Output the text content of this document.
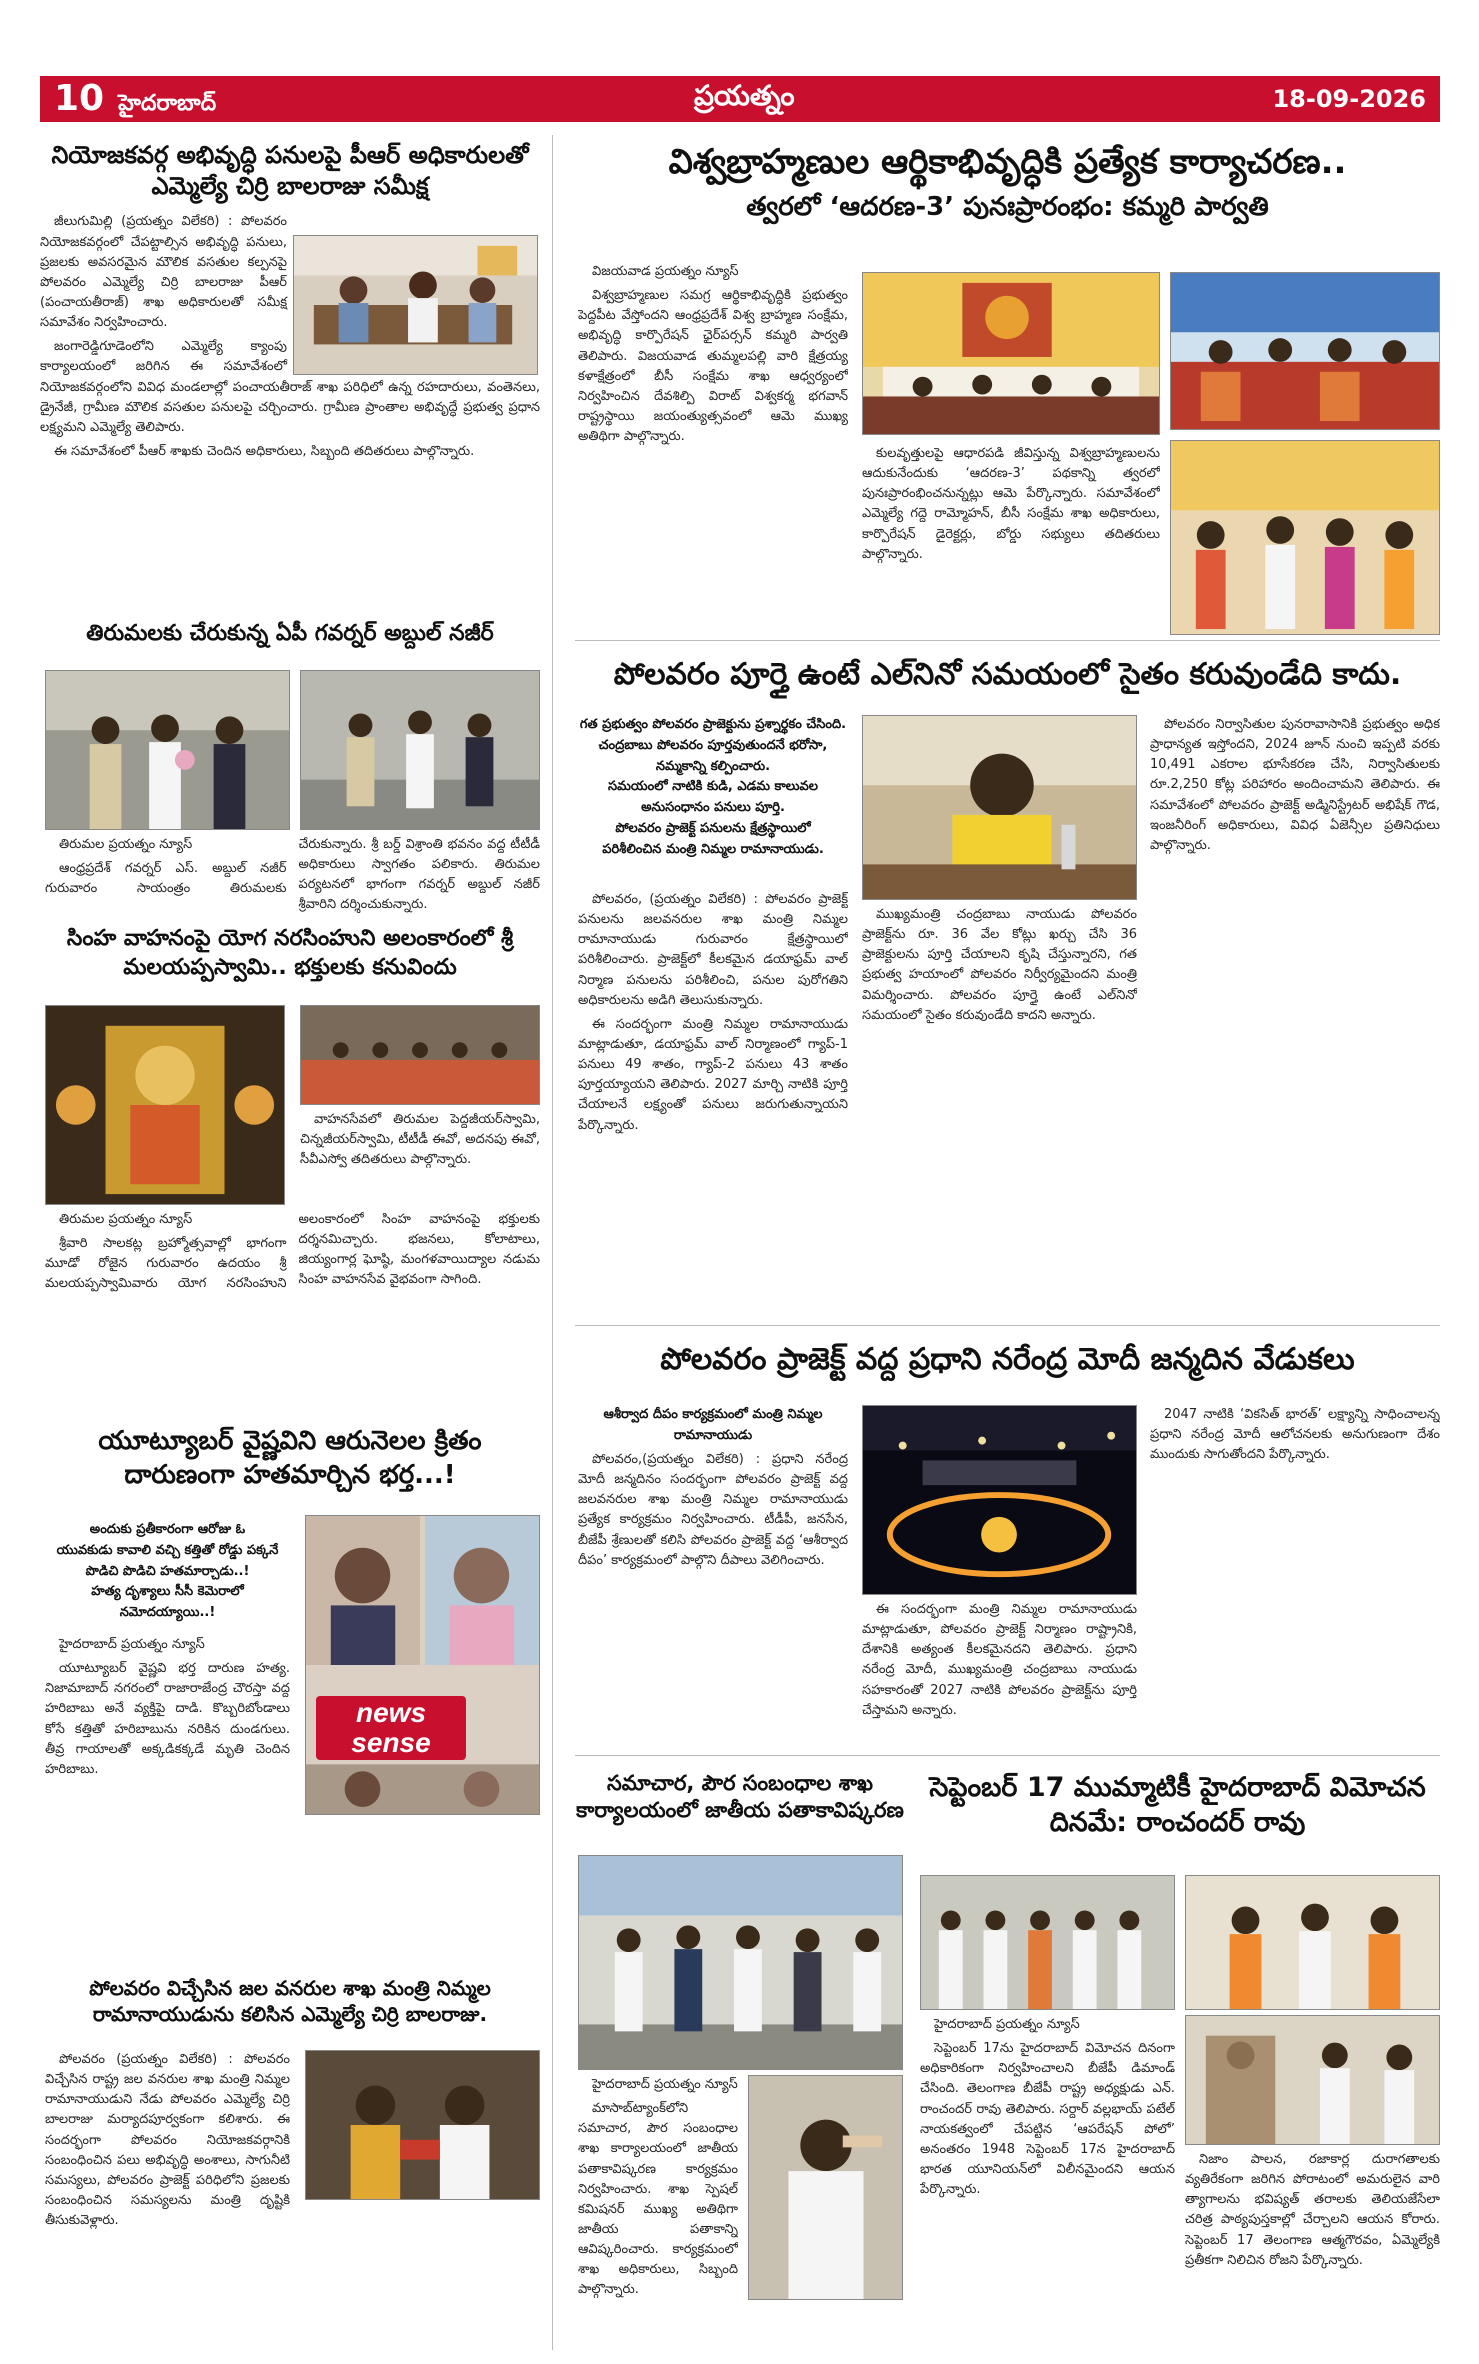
10 హైదరాబాద్	ప్రయత్నం	18-09-2026
నియోజకవర్గ అభివృద్ధి పనులపై పీఆర్ అధికారులతో ఎమ్మెల్యే చిర్రి బాలరాజు సమీక్ష

జీలుగుమిల్లి (ప్రయత్నం విలేకరి) : పోలవరం నియోజకవర్గంలో చేపట్టాల్సిన అభివృద్ధి పనులు, ప్రజలకు అవసరమైన మౌలిక వసతుల కల్పనపై పోలవరం ఎమ్మెల్యే చిర్రి బాలరాజు పీఆర్ (పంచాయతీరాజ్) శాఖ అధికారులతో సమీక్ష సమావేశం నిర్వహించారు.

జంగారెడ్డిగూడెంలోని ఎమ్మెల్యే క్యాంపు కార్యాలయంలో జరిగిన ఈ సమావేశంలో నియోజకవర్గంలోని వివిధ మండలాల్లో పంచాయతీరాజ్ శాఖ పరిధిలో ఉన్న రహదారులు, వంతెనలు, డ్రైనేజీ, గ్రామీణ మౌలిక వసతుల పనులపై చర్చించారు. గ్రామీణ ప్రాంతాల అభివృద్ధే ప్రభుత్వ ప్రధాన లక్ష్యమని ఎమ్మెల్యే తెలిపారు.

ఈ సమావేశంలో పీఆర్ శాఖకు చెందిన అధికారులు, సిబ్బంది తదితరులు పాల్గొన్నారు.

విశ్వబ్రాహ్మణుల ఆర్థికాభివృద్ధికి ప్రత్యేక కార్యాచరణ..
త్వరలో ‘ఆదరణ-3’ పునఃప్రారంభం: కమ్మరి పార్వతి

విజయవాడ ప్రయత్నం న్యూస్

విశ్వబ్రాహ్మణుల సమగ్ర ఆర్థికాభివృద్ధికి ప్రభుత్వం పెద్దపీట వేస్తోందని ఆంధ్రప్రదేశ్ విశ్వ బ్రాహ్మణ సంక్షేమ, అభివృద్ధి కార్పొరేషన్ ఛైర్‌పర్సన్ కమ్మరి పార్వతి తెలిపారు. విజయవాడ తుమ్మలపల్లి వారి క్షేత్రయ్య కళాక్షేత్రంలో బీసీ సంక్షేమ శాఖ ఆధ్వర్యంలో నిర్వహించిన దేవశిల్పి విరాట్ విశ్వకర్మ భగవాన్ రాష్ట్రస్థాయి జయంత్యుత్సవంలో ఆమె ముఖ్య అతిథిగా పాల్గొన్నారు.

కులవృత్తులపై ఆధారపడి జీవిస్తున్న విశ్వబ్రాహ్మణులను ఆదుకునేందుకు ‘ఆదరణ-3’ పథకాన్ని త్వరలో పునఃప్రారంభించనున్నట్లు ఆమె పేర్కొన్నారు. సమావేశంలో ఎమ్మెల్యే గద్దె రామ్మోహన్, బీసీ సంక్షేమ శాఖ అధికారులు, కార్పొరేషన్ డైరెక్టర్లు, బోర్డు సభ్యులు తదితరులు పాల్గొన్నారు.

తిరుమలకు చేరుకున్న ఏపీ గవర్నర్ అబ్దుల్ నజీర్

తిరుమల ప్రయత్నం న్యూస్

ఆంధ్రప్రదేశ్ గవర్నర్ ఎస్. అబ్దుల్ నజీర్ గురువారం సాయంత్రం తిరుమలకు చేరుకున్నారు. శ్రీ బర్డ్ విశ్రాంతి భవనం వద్ద టీటీడీ అధికారులు స్వాగతం పలికారు. తిరుమల పర్యటనలో భాగంగా గవర్నర్ అబ్దుల్ నజీర్ శ్రీవారిని దర్శించుకున్నారు.

సింహ వాహనంపై యోగ నరసింహుని అలంకారంలో శ్రీ మలయప్పస్వామి.. భక్తులకు కనువిందు

వాహనసేవలో తిరుమల పెద్దజీయర్‌స్వామి, చిన్నజీయర్‌స్వామి, టీటీడీ ఈవో, అదనపు ఈవో, సీవీఎస్వో తదితరులు పాల్గొన్నారు.

తిరుమల ప్రయత్నం న్యూస్

శ్రీవారి సాలకట్ల బ్రహ్మోత్సవాల్లో భాగంగా మూడో రోజైన గురువారం ఉదయం శ్రీ మలయప్పస్వామివారు యోగ నరసింహుని అలంకారంలో సింహ వాహనంపై భక్తులకు దర్శనమిచ్చారు. భజనలు, కోలాటాలు, జియ్యంగార్ల ఘోష్ఠి, మంగళవాయిద్యాల నడుమ సింహ వాహనసేవ వైభవంగా సాగింది.

యూట్యూబర్ వైష్ణవిని ఆరునెలల క్రితం దారుణంగా హతమార్చిన భర్త...!
అందుకు ప్రతీకారంగా ఆరోజు ఓ
యువకుడు కావాలి వచ్చి కత్తితో రోడ్డు పక్కనే
పొడిచి పొడిచి హతమార్చాడు..!
హత్య దృశ్యాలు సీసీ కెమెరాలో
నమోదయ్యాయి..!

హైదరాబాద్ ప్రయత్నం న్యూస్

యూట్యూబర్ వైష్ణవి భర్త దారుణ హత్య. నిజామాబాద్ నగరంలో రాజారాజేంద్ర చౌరస్తా వద్ద హరిబాబు అనే వ్యక్తిపై దాడి. కొబ్బరిబోండాలు కోసే కత్తితో హరిబాబును నరికిన దుండగులు. తీవ్ర గాయాలతో అక్కడికక్కడే మృతి చెందిన హరిబాబు.

news
sense
పోలవరం విచ్చేసిన జల వనరుల శాఖ మంత్రి నిమ్మల రామానాయుడును కలిసిన ఎమ్మెల్యే చిర్రి బాలరాజు.

పోలవరం (ప్రయత్నం విలేకరి) : పోలవరం విచ్చేసిన రాష్ట్ర జల వనరుల శాఖ మంత్రి నిమ్మల రామానాయుడుని నేడు పోలవరం ఎమ్మెల్యే చిర్రి బాలరాజు మర్యాదపూర్వకంగా కలిశారు. ఈ సందర్భంగా పోలవరం నియోజకవర్గానికి సంబంధించిన పలు అభివృద్ధి అంశాలు, సాగునీటి సమస్యలు, పోలవరం ప్రాజెక్ట్ పరిధిలోని ప్రజలకు సంబంధించిన సమస్యలను మంత్రి దృష్టికి తీసుకువెళ్లారు.

పోలవరం పూర్తై ఉంటే ఎల్‌నినో సమయంలో సైతం కరువుండేది కాదు.
గత ప్రభుత్వం పోలవరం ప్రాజెక్టును ప్రశ్నార్థకం చేసింది.
చంద్రబాబు పోలవరం పూర్తవుతుందనే భరోసా,
నమ్మకాన్ని కల్పించారు.
సమయంలో నాటికి కుడి, ఎడమ కాలువల
అనుసంధానం పనులు పూర్తి.
పోలవరం ప్రాజెక్ట్ పనులను క్షేత్రస్థాయిలో
పరిశీలించిన మంత్రి నిమ్మల రామానాయుడు.

పోలవరం, (ప్రయత్నం విలేకరి) : పోలవరం ప్రాజెక్ట్ పనులను జలవనరుల శాఖ మంత్రి నిమ్మల రామానాయుడు గురువారం క్షేత్రస్థాయిలో పరిశీలించారు. ప్రాజెక్ట్‌లో కీలకమైన డయాఫ్రమ్ వాల్ నిర్మాణ పనులను పరిశీలించి, పనుల పురోగతిని అధికారులను అడిగి తెలుసుకున్నారు.

ఈ సందర్భంగా మంత్రి నిమ్మల రామానాయుడు మాట్లాడుతూ, డయాఫ్రమ్ వాల్ నిర్మాణంలో గ్యాప్-1 పనులు 49 శాతం, గ్యాప్-2 పనులు 43 శాతం పూర్తయ్యాయని తెలిపారు. 2027 మార్చి నాటికి పూర్తి చేయాలనే లక్ష్యంతో పనులు జరుగుతున్నాయని పేర్కొన్నారు.

ముఖ్యమంత్రి చంద్రబాబు నాయుడు పోలవరం ప్రాజెక్ట్‌ను రూ. 36 వేల కోట్లు ఖర్చు చేసి 36 ప్రాజెక్టులను పూర్తి చేయాలని కృషి చేస్తున్నారని, గత ప్రభుత్వ హయాంలో పోలవరం నిర్వీర్యమైందని మంత్రి విమర్శించారు. పోలవరం పూర్తై ఉంటే ఎల్‌నినో సమయంలో సైతం కరువుండేది కాదని అన్నారు.

పోలవరం నిర్వాసితుల పునరావాసానికి ప్రభుత్వం అధిక ప్రాధాన్యత ఇస్తోందని, 2024 జూన్ నుంచి ఇప్పటి వరకు 10,491 ఎకరాల భూసేకరణ చేసి, నిర్వాసితులకు రూ.2,250 కోట్ల పరిహారం అందించామని తెలిపారు. ఈ సమావేశంలో పోలవరం ప్రాజెక్ట్ అడ్మినిస్ట్రేటర్ అభిషేక్ గౌడ, ఇంజనీరింగ్ అధికారులు, వివిధ ఏజెన్సీల ప్రతినిధులు పాల్గొన్నారు.

పోలవరం ప్రాజెక్ట్ వద్ద ప్రధాని నరేంద్ర మోదీ జన్మదిన వేడుకలు
ఆశీర్వాద దీపం కార్యక్రమంలో మంత్రి నిమ్మల
రామానాయుడు

పోలవరం,(ప్రయత్నం విలేకరి) : ప్రధాని నరేంద్ర మోదీ జన్మదినం సందర్భంగా పోలవరం ప్రాజెక్ట్ వద్ద జలవనరుల శాఖ మంత్రి నిమ్మల రామానాయుడు ప్రత్యేక కార్యక్రమం నిర్వహించారు. టీడీపీ, జనసేన, బీజేపీ శ్రేణులతో కలిసి పోలవరం ప్రాజెక్ట్ వద్ద ‘ఆశీర్వాద దీపం’ కార్యక్రమంలో పాల్గొని దీపాలు వెలిగించారు.

ఈ సందర్భంగా మంత్రి నిమ్మల రామానాయుడు మాట్లాడుతూ, పోలవరం ప్రాజెక్ట్ నిర్మాణం రాష్ట్రానికి, దేశానికి అత్యంత కీలకమైనదని తెలిపారు. ప్రధాని నరేంద్ర మోదీ, ముఖ్యమంత్రి చంద్రబాబు నాయుడు సహకారంతో 2027 నాటికి పోలవరం ప్రాజెక్ట్‌ను పూర్తి చేస్తామని అన్నారు.

2047 నాటికి ‘వికసిత్ భారత్’ లక్ష్యాన్ని సాధించాలన్న ప్రధాని నరేంద్ర మోదీ ఆలోచనలకు అనుగుణంగా దేశం ముందుకు సాగుతోందని పేర్కొన్నారు.

సమాచార, పౌర సంబంధాల శాఖ కార్యాలయంలో జాతీయ పతాకావిష్కరణ

హైదరాబాద్ ప్రయత్నం న్యూస్

మాసాబ్‌ట్యాంక్‌లోని సమాచార, పౌర సంబంధాల శాఖ కార్యాలయంలో జాతీయ పతాకావిష్కరణ కార్యక్రమం నిర్వహించారు. శాఖ స్పెషల్ కమిషనర్ ముఖ్య అతిథిగా జాతీయ పతాకాన్ని ఆవిష్కరించారు. కార్యక్రమంలో శాఖ అధికారులు, సిబ్బంది పాల్గొన్నారు.

సెప్టెంబర్ 17 ముమ్మాటికీ హైదరాబాద్ విమోచన దినమే: రాంచందర్ రావు

హైదరాబాద్ ప్రయత్నం న్యూస్

సెప్టెంబర్ 17ను హైదరాబాద్ విమోచన దినంగా అధికారికంగా నిర్వహించాలని బీజేపీ డిమాండ్ చేసింది. తెలంగాణ బీజేపీ రాష్ట్ర అధ్యక్షుడు ఎన్. రాంచందర్ రావు తెలిపారు. సర్దార్ వల్లభాయ్ పటేల్ నాయకత్వంలో చేపట్టిన ‘ఆపరేషన్ పోలో’ అనంతరం 1948 సెప్టెంబర్ 17న హైదరాబాద్ భారత యూనియన్‌లో విలీనమైందని ఆయన పేర్కొన్నారు.

నిజాం పాలన, రజాకార్ల దురాగతాలకు వ్యతిరేకంగా జరిగిన పోరాటంలో అమరులైన వారి త్యాగాలను భవిష్యత్ తరాలకు తెలియజేసేలా చరిత్ర పాఠ్యపుస్తకాల్లో చేర్చాలని ఆయన కోరారు. సెప్టెంబర్ 17 తెలంగాణ ఆత్మగౌరవం, ఏమ్మెల్యేకి ప్రతీకగా నిలిచిన రోజని పేర్కొన్నారు.
